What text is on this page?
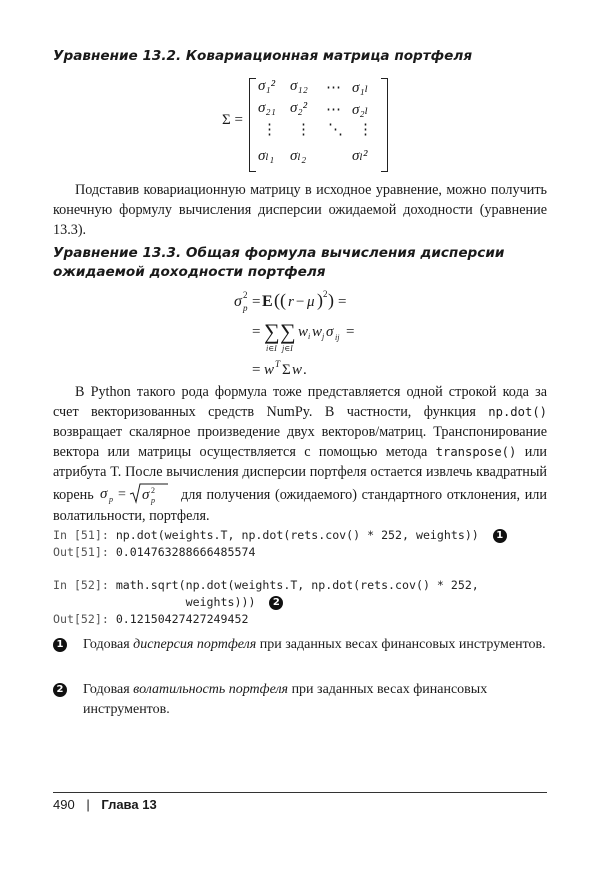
Уравнение 13.2. Ковариационная матрица портфеля
Σ =
σ₁² σ₁₂ ⋯ σ₁ₗ
σ₂₁ σ₂² ⋯ σ₂ₗ
⋮ ⋮ ⋱ ⋮
σₗ₁ σₗ₂	σₗ²
Подставив ковариационную матрицу в исходное уравнение, можно получить конечную формулу вычисления дисперсии ожидаемой доходности (уравнение 13.3).
Уравнение 13.3. Общая формула вычисления дисперсии ожидаемой доходности портфеля
σ 2
p = E (( r − μ ) 2 ) =
= ∑
i∈I
∑
j∈I
w i w j σ ij =
= w T Σ w .
В Python такого рода формула тоже представляется одной строкой кода за счет векторизованных средств NumPy. В частности, функция np.dot() возвращает скалярное произведение двух векторов/матриц. Транспонирование вектора или матрицы осуществляется с помощью метода transpose() или атрибута T. После вычисления дисперсии портфеля остается извлечь квадратный корень σ p = σ 2
p для получения (ожидаемого) стандартного отклонения, или волатильности, портфеля.
In [51]: np.dot(weights.T, np.dot(rets.cov() * 252, weights)) 1
Out[51]: 0.014763288666485574
In [52]: math.sqrt(np.dot(weights.T, np.dot(rets.cov() * 252,
weights))) 2
Out[52]: 0.12150427427249452
1 Годовая дисперсия портфеля при заданных весах финансовых инструментов.
2 Годовая волатильность портфеля при заданных весах финансовых инструментов.
490 | Глава 13
